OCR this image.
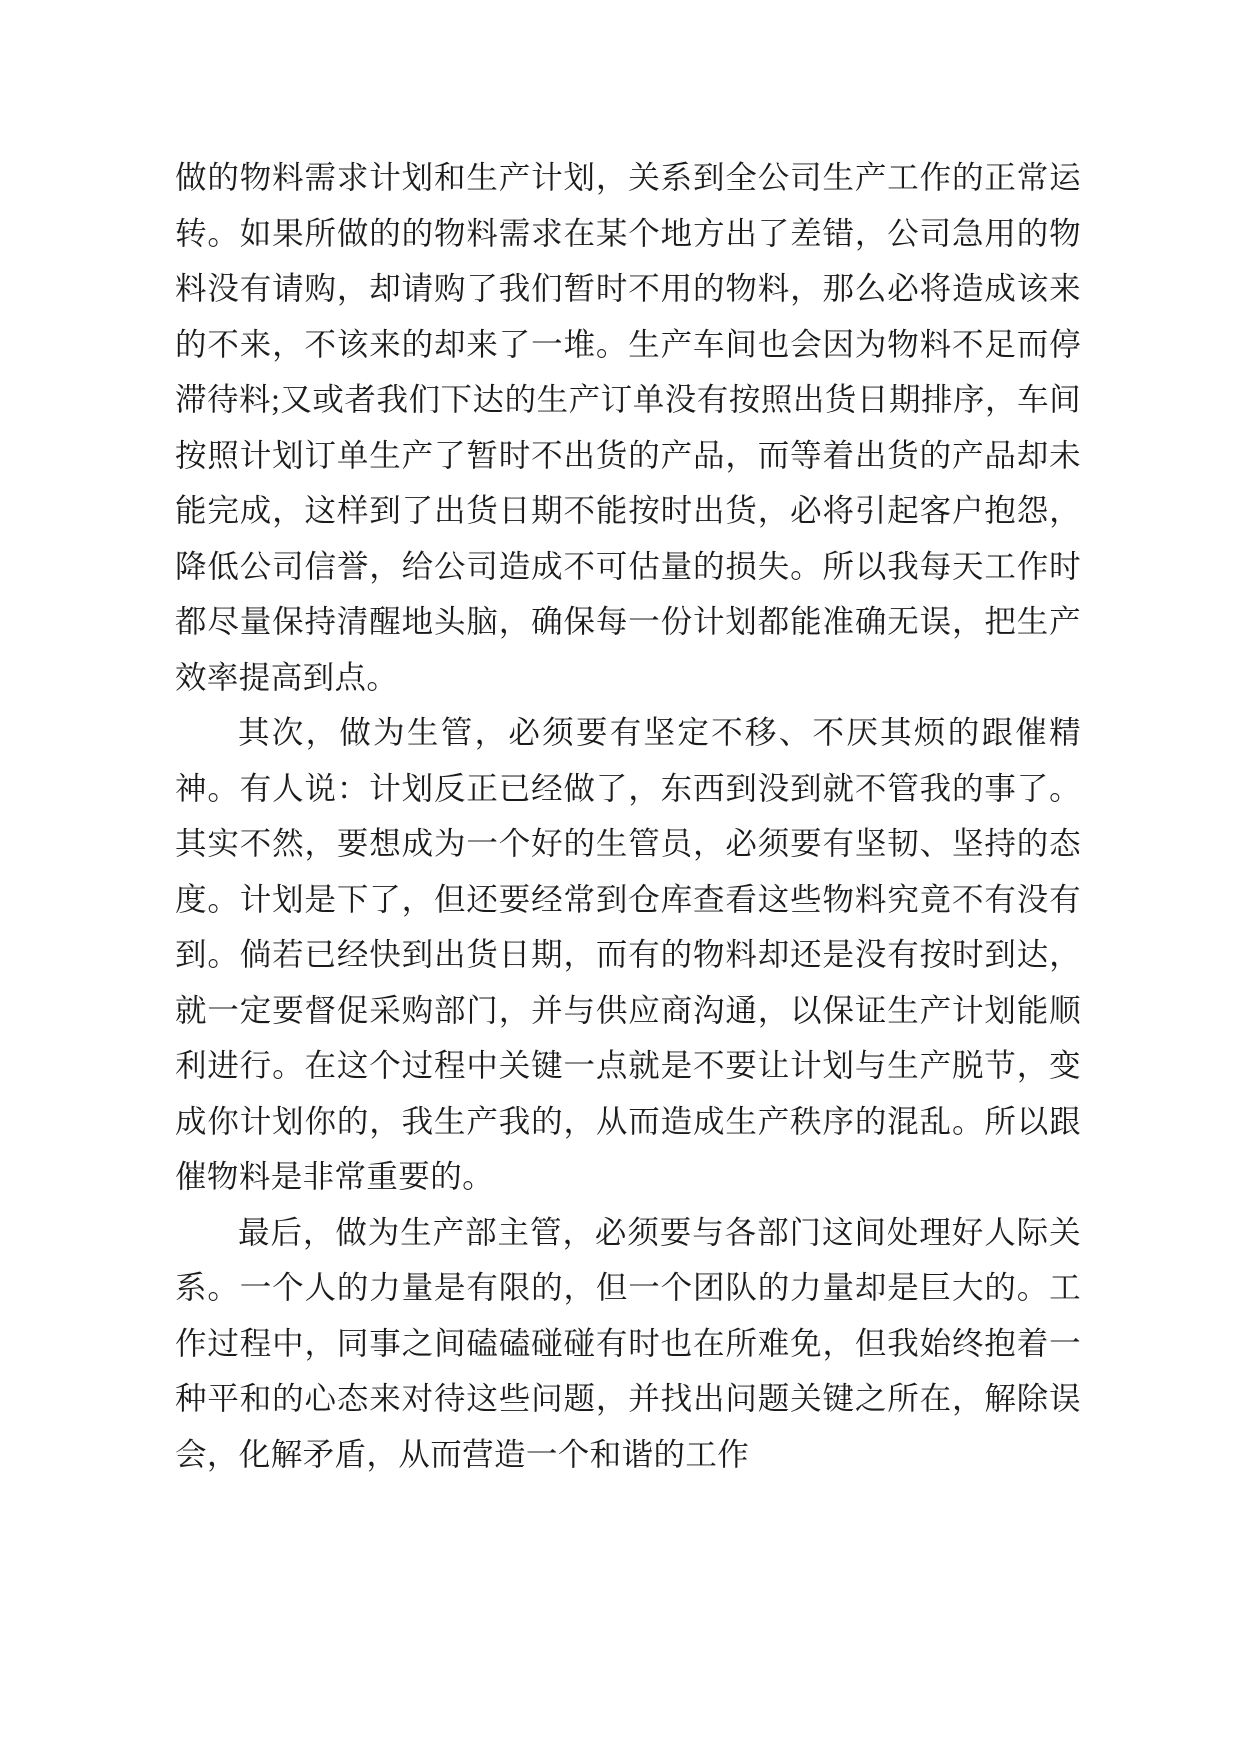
做的物料需求计划和生产计划，关系到全公司生产工作的正常运转。如果所做的的物料需求在某个地方出了差错，公司急用的物料没有请购，却请购了我们暂时不用的物料，那么必将造成该来的不来，不该来的却来了一堆。生产车间也会因为物料不足而停滞待料;又或者我们下达的生产订单没有按照出货日期排序，车间按照计划订单生产了暂时不出货的产品，而等着出货的产品却未能完成，这样到了出货日期不能按时出货，必将引起客户抱怨，降低公司信誉，给公司造成不可估量的损失。所以我每天工作时都尽量保持清醒地头脑，确保每一份计划都能准确无误，把生产效率提高到点。

其次，做为生管，必须要有坚定不移、不厌其烦的跟催精神。有人说：计划反正已经做了，东西到没到就不管我的事了。其实不然，要想成为一个好的生管员，必须要有坚韧、坚持的态度。计划是下了，但还要经常到仓库查看这些物料究竟不有没有到。倘若已经快到出货日期，而有的物料却还是没有按时到达，就一定要督促采购部门，并与供应商沟通，以保证生产计划能顺利进行。在这个过程中关键一点就是不要让计划与生产脱节，变成你计划你的，我生产我的，从而造成生产秩序的混乱。所以跟催物料是非常重要的。

最后，做为生产部主管，必须要与各部门这间处理好人际关系。一个人的力量是有限的，但一个团队的力量却是巨大的。工作过程中，同事之间磕磕碰碰有时也在所难免，但我始终抱着一种平和的心态来对待这些问题，并找出问题关键之所在，解除误会，化解矛盾，从而营造一个和谐的工作
